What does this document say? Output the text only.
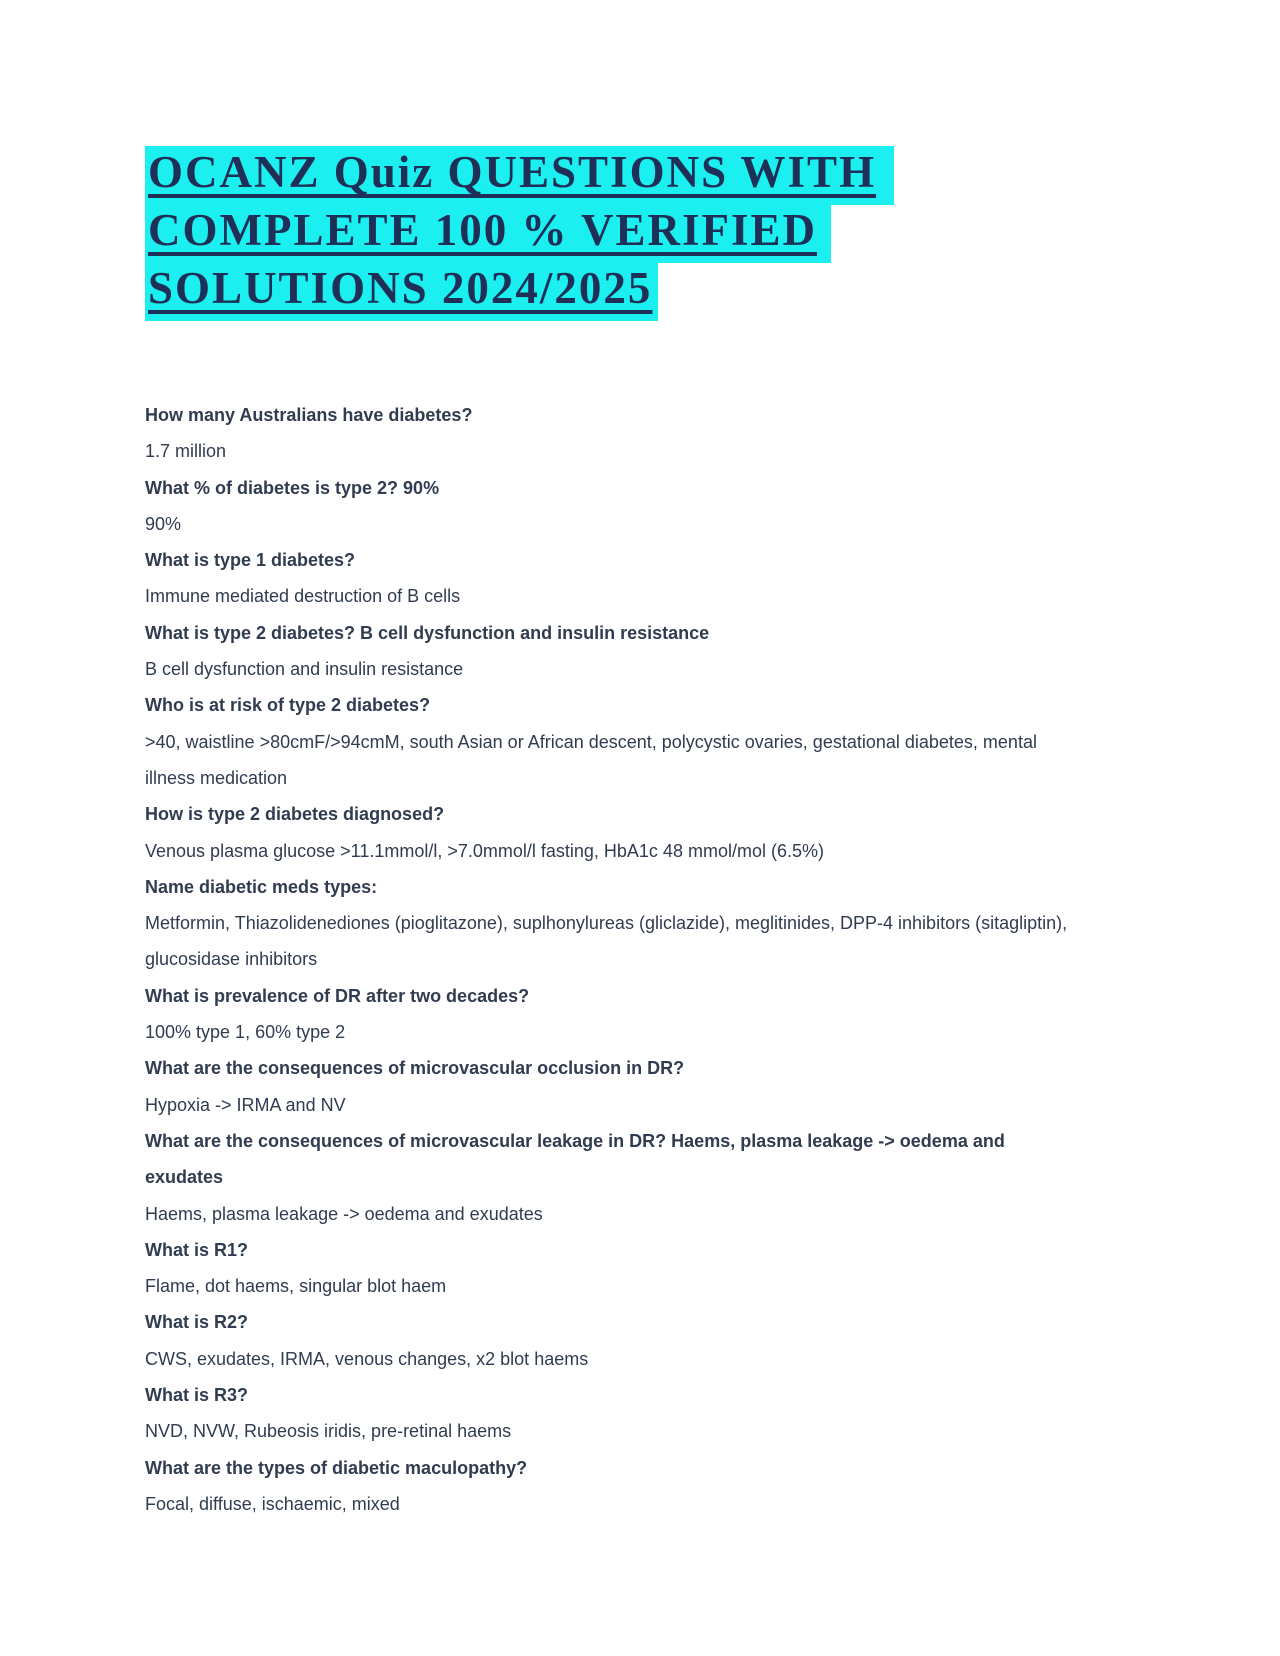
OCANZ Quiz QUESTIONS WITH
COMPLETE 100 % VERIFIED
SOLUTIONS 2024/2025

How many Australians have diabetes?

1.7 million

What % of diabetes is type 2? 90%

90%

What is type 1 diabetes?

Immune mediated destruction of B cells

What is type 2 diabetes? B cell dysfunction and insulin resistance

B cell dysfunction and insulin resistance

Who is at risk of type 2 diabetes?

>40, waistline >80cmF/>94cmM, south Asian or African descent, polycystic ovaries, gestational diabetes, mental illness medication

How is type 2 diabetes diagnosed?

Venous plasma glucose >11.1mmol/l, >7.0mmol/l fasting, HbA1c 48 mmol/mol (6.5%)

Name diabetic meds types:

Metformin, Thiazolidenediones (pioglitazone), suplhonylureas (gliclazide), meglitinides, DPP-4 inhibitors (sitagliptin), glucosidase inhibitors

What is prevalence of DR after two decades?

100% type 1, 60% type 2

What are the consequences of microvascular occlusion in DR?

Hypoxia -> IRMA and NV

What are the consequences of microvascular leakage in DR? Haems, plasma leakage -> oedema and exudates

Haems, plasma leakage -> oedema and exudates

What is R1?

Flame, dot haems, singular blot haem

What is R2?

CWS, exudates, IRMA, venous changes, x2 blot haems

What is R3?

NVD, NVW, Rubeosis iridis, pre-retinal haems

What are the types of diabetic maculopathy?

Focal, diffuse, ischaemic, mixed
